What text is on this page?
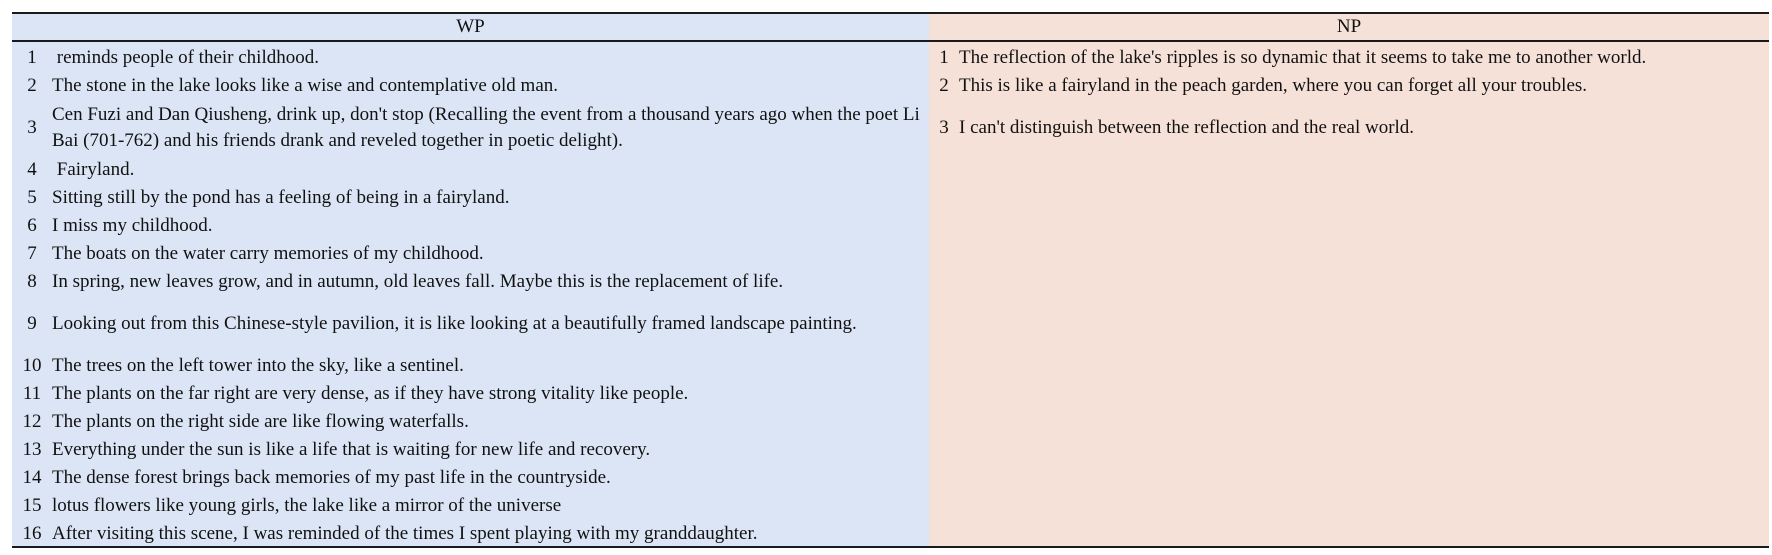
WP	NP
1 reminds people of their childhood.
2 The stone in the lake looks like a wise and contemplative old man.
3
Cen Fuzi and Dan Qiusheng, drink up, don't stop (Recalling the event from a thousand years ago when the poet Li Bai (701-762) and his friends drank and reveled together in poetic delight).
4 Fairyland.
5 Sitting still by the pond has a feeling of being in a fairyland.
6 I miss my childhood.
7 The boats on the water carry memories of my childhood.
8 In spring, new leaves grow, and in autumn, old leaves fall. Maybe this is the replacement of life.
9 Looking out from this Chinese-style pavilion, it is like looking at a beautifully framed landscape painting.
10 The trees on the left tower into the sky, like a sentinel.
11 The plants on the far right are very dense, as if they have strong vitality like people.
12 The plants on the right side are like flowing waterfalls.
13 Everything under the sun is like a life that is waiting for new life and recovery.
14 The dense forest brings back memories of my past life in the countryside.
15 lotus flowers like young girls, the lake like a mirror of the universe
16 After visiting this scene, I was reminded of the times I spent playing with my granddaughter.
1 The reflection of the lake's ripples is so dynamic that it seems to take me to another world.
2 This is like a fairyland in the peach garden, where you can forget all your troubles.
3 I can't distinguish between the reflection and the real world.
